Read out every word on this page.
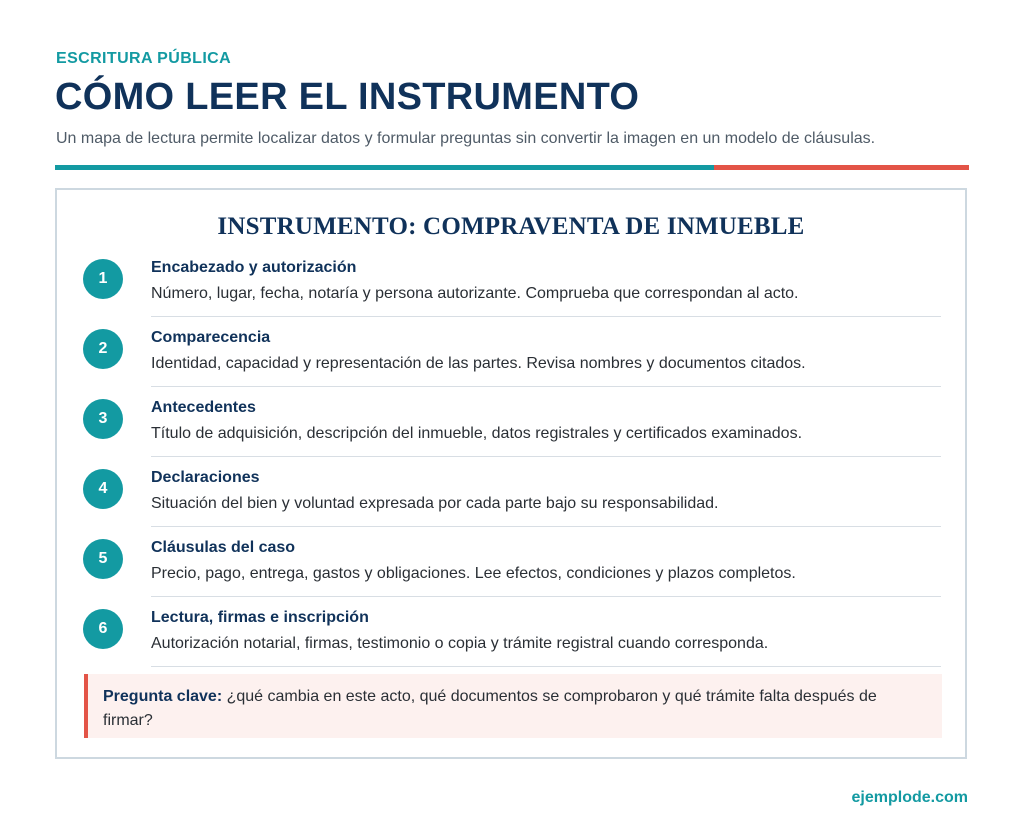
ESCRITURA PÚBLICA
CÓMO LEER EL INSTRUMENTO
Un mapa de lectura permite localizar datos y formular preguntas sin convertir la imagen en un modelo de cláusulas.
INSTRUMENTO: COMPRAVENTA DE INMUEBLE
1
Encabezado y autorización
Número, lugar, fecha, notaría y persona autorizante. Comprueba que correspondan al acto.
2
Comparecencia
Identidad, capacidad y representación de las partes. Revisa nombres y documentos citados.
3
Antecedentes
Título de adquisición, descripción del inmueble, datos registrales y certificados examinados.
4
Declaraciones
Situación del bien y voluntad expresada por cada parte bajo su responsabilidad.
5
Cláusulas del caso
Precio, pago, entrega, gastos y obligaciones. Lee efectos, condiciones y plazos completos.
6
Lectura, firmas e inscripción
Autorización notarial, firmas, testimonio o copia y trámite registral cuando corresponda.
Pregunta clave: ¿qué cambia en este acto, qué documentos se comprobaron y qué trámite falta después de firmar?
ejemplode.com
